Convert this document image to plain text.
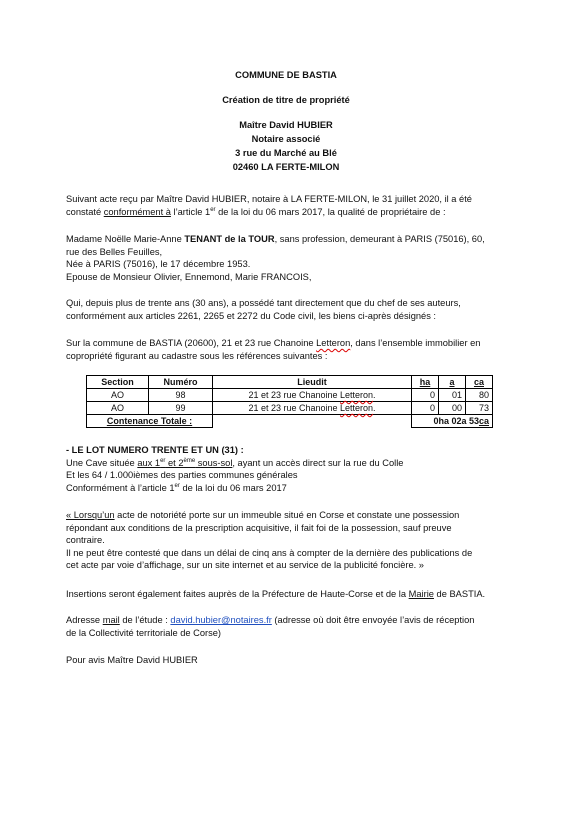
COMMUNE DE BASTIA
Création de titre de propriété
Maître David HUBIER
Notaire associé
3 rue du Marché au Blé
02460 LA FERTE-MILON
Suivant acte reçu par Maître David HUBIER, notaire à LA FERTE-MILON, le 31 juillet 2020, il a été
constaté conformément à l’article 1er de la loi du 06 mars 2017, la qualité de propriétaire de :
Madame Noëlle Marie-Anne TENANT de la TOUR, sans profession, demeurant à PARIS (75016), 60,
rue des Belles Feuilles,
Née à PARIS (75016), le 17 décembre 1953.
Epouse de Monsieur Olivier, Ennemond, Marie FRANCOIS,
Qui, depuis plus de trente ans (30 ans), a possédé tant directement que du chef de ses auteurs,
conformément aux articles 2261, 2265 et 2272 du Code civil, les biens ci-après désignés :
Sur la commune de BASTIA (20600), 21 et 23 rue Chanoine Letteron, dans l’ensemble immobilier en
copropriété figurant au cadastre sous les références suivantes :
Section	Numéro	Lieudit	ha	a	ca
AO	98	21 et 23 rue Chanoine Letteron.	0	01	80
AO	99	21 et 23 rue Chanoine Letteron.	0	00	73
Contenance Totale :			0ha 02a 53ca		
- LE LOT NUMERO TRENTE ET UN (31) :
Une Cave située aux 1er et 2ème sous-sol, ayant un accès direct sur la rue du Colle
Et les 64 / 1.000ièmes des parties communes générales
Conformément à l’article 1er de la loi du 06 mars 2017
« Lorsqu’un acte de notoriété porte sur un immeuble situé en Corse et constate une possession
répondant aux conditions de la prescription acquisitive, il fait foi de la possession, sauf preuve
contraire.
Il ne peut être contesté que dans un délai de cinq ans à compter de la dernière des publications de
cet acte par voie d’affichage, sur un site internet et au service de la publicité foncière. »
Insertions seront également faites auprès de la Préfecture de Haute-Corse et de la Mairie de BASTIA.
Adresse mail de l’étude : david.hubier@notaires.fr (adresse où doit être envoyée l’avis de réception
de la Collectivité territoriale de Corse)
Pour avis Maître David HUBIER
